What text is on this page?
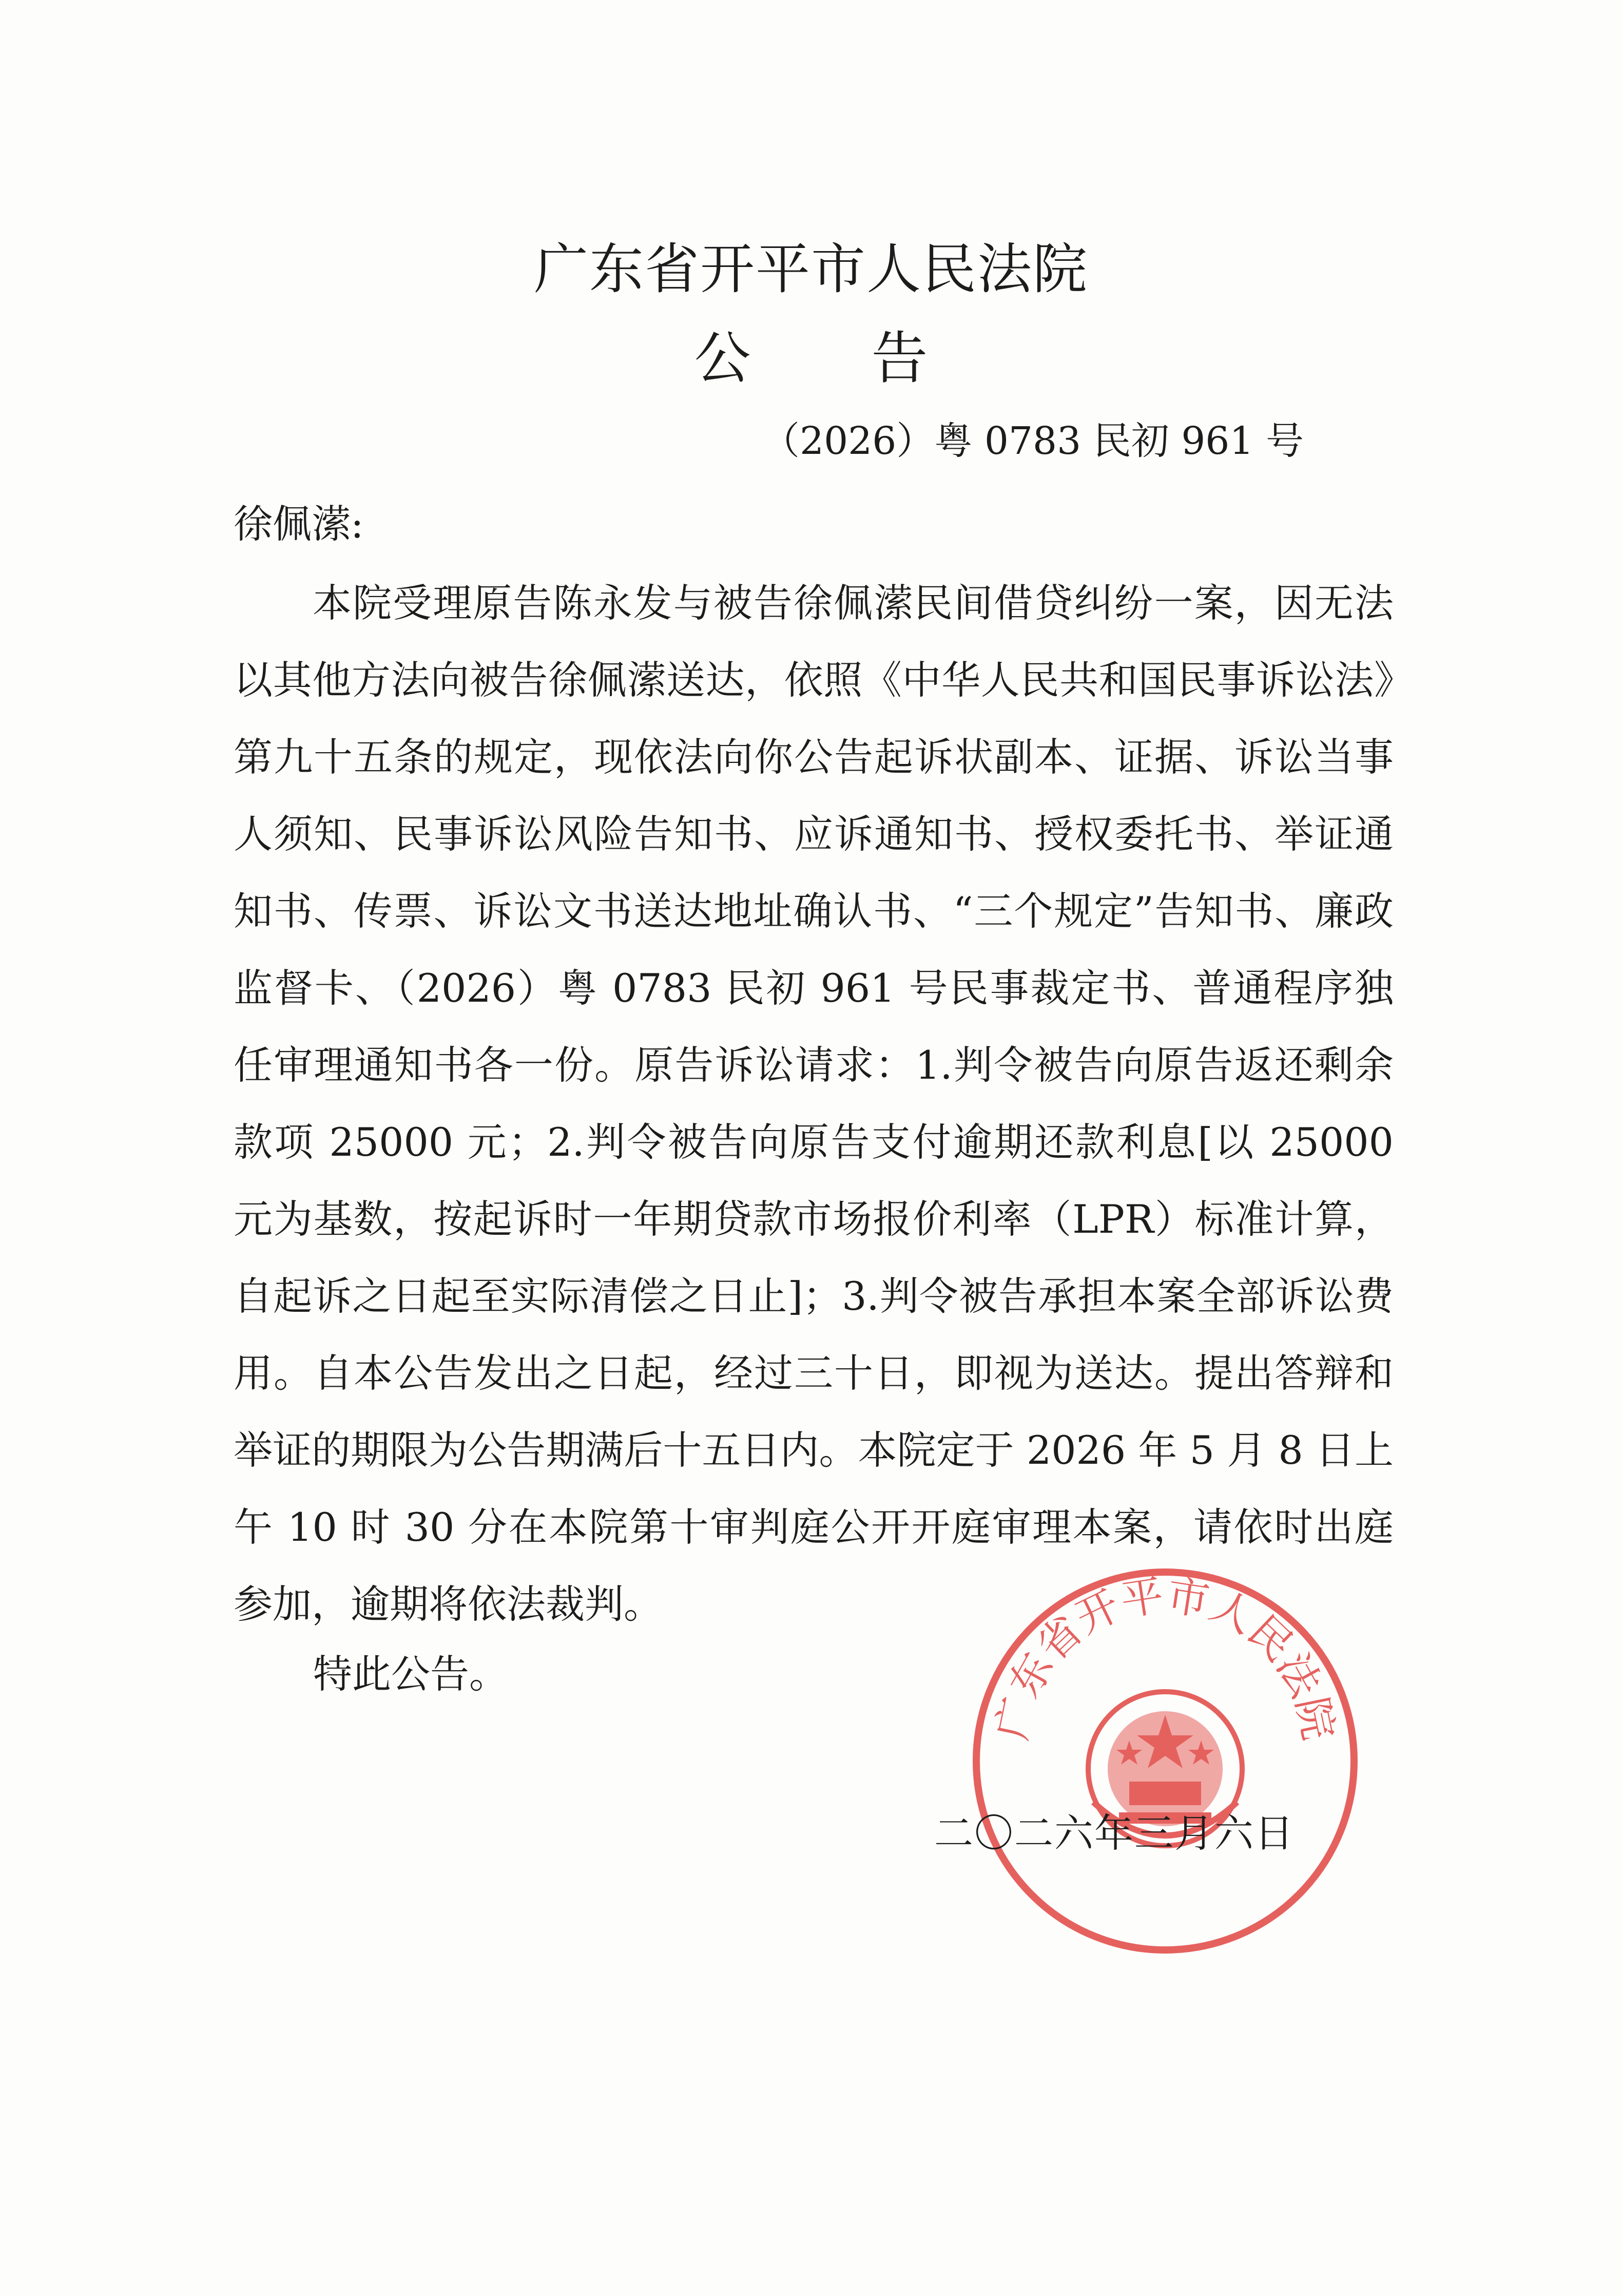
广东省开平市人民法院
公 告
（2026）粤 0783 民初 961 号
徐佩潆:
本院受理原告陈永发与被告徐佩潆民间借贷纠纷一案，因无法以其他方法向被告徐佩潆送达，依照《中华人民共和国民事诉讼法》第九十五条的规定，现依法向你公告起诉状副本、证据、诉讼当事人须知、民事诉讼风险告知书、应诉通知书、授权委托书、举证通知书、传票、诉讼文书送达地址确认书、“三个规定”告知书、廉政监督卡、（2026）粤 0783 民初 961 号民事裁定书、普通程序独任审理通知书各一份。原告诉讼请求：1.判令被告向原告返还剩余款项 25000 元；2.判令被告向原告支付逾期还款利息[以 25000 元为基数，按起诉时一年期贷款市场报价利率（LPR）标准计算，自起诉之日起至实际清偿之日止]；3.判令被告承担本案全部诉讼费用。自本公告发出之日起，经过三十日，即视为送达。提出答辩和举证的期限为公告期满后十五日内。本院定于 2026 年 5 月 8 日上午 10 时 30 分在本院第十审判庭公开开庭审理本案，请依时出庭参加，逾期将依法裁判。
特此公告。
广东省开平市人民法院
二〇二六年三月六日
